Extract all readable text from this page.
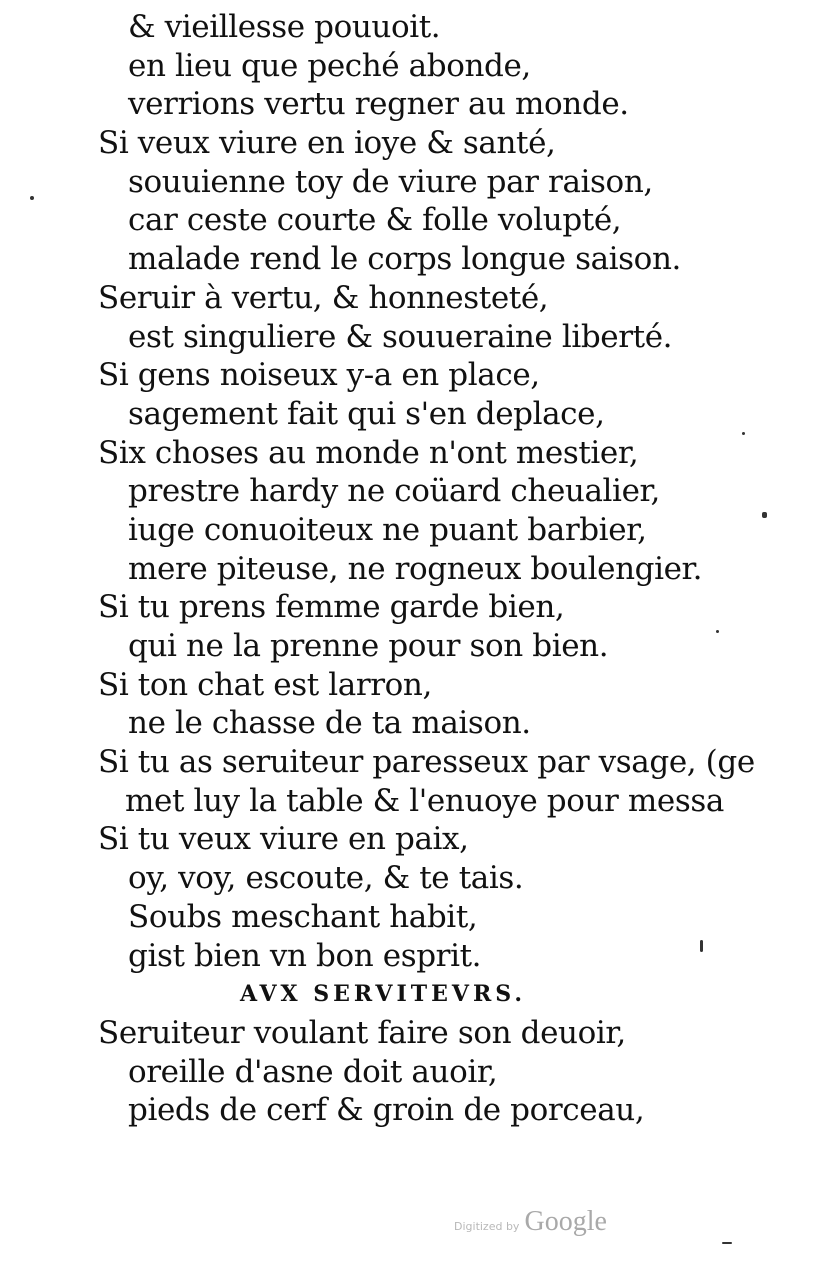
& vieillesse pouuoit.
en lieu que peché abonde,
verrions vertu regner au monde.
Si veux viure en ioye & santé,
souuienne toy de viure par raison,
car ceste courte & folle volupté,
malade rend le corps longue saison.
Seruir à vertu, & honnesteté,
est singuliere & souueraine liberté.
Si gens noiseux y-a en place,
sagement fait qui s'en deplace,
Six choses au monde n'ont mestier,
prestre hardy ne coüard cheualier,
iuge conuoiteux ne puant barbier,
mere piteuse, ne rogneux boulengier.
Si tu prens femme garde bien,
qui ne la prenne pour son bien.
Si ton chat est larron,
ne le chasse de ta maison.
Si tu as seruiteur paresseux par vsage, (ge
met luy la table & l'enuoye pour messa
Si tu veux viure en paix,
oy, voy, escoute, & te tais.
Soubs meschant habit,
gist bien vn bon esprit.
AVX SERVITEVRS.
Seruiteur voulant faire son deuoir,
oreille d'asne doit auoir,
pieds de cerf & groin de porceau,
Digitized by Google
